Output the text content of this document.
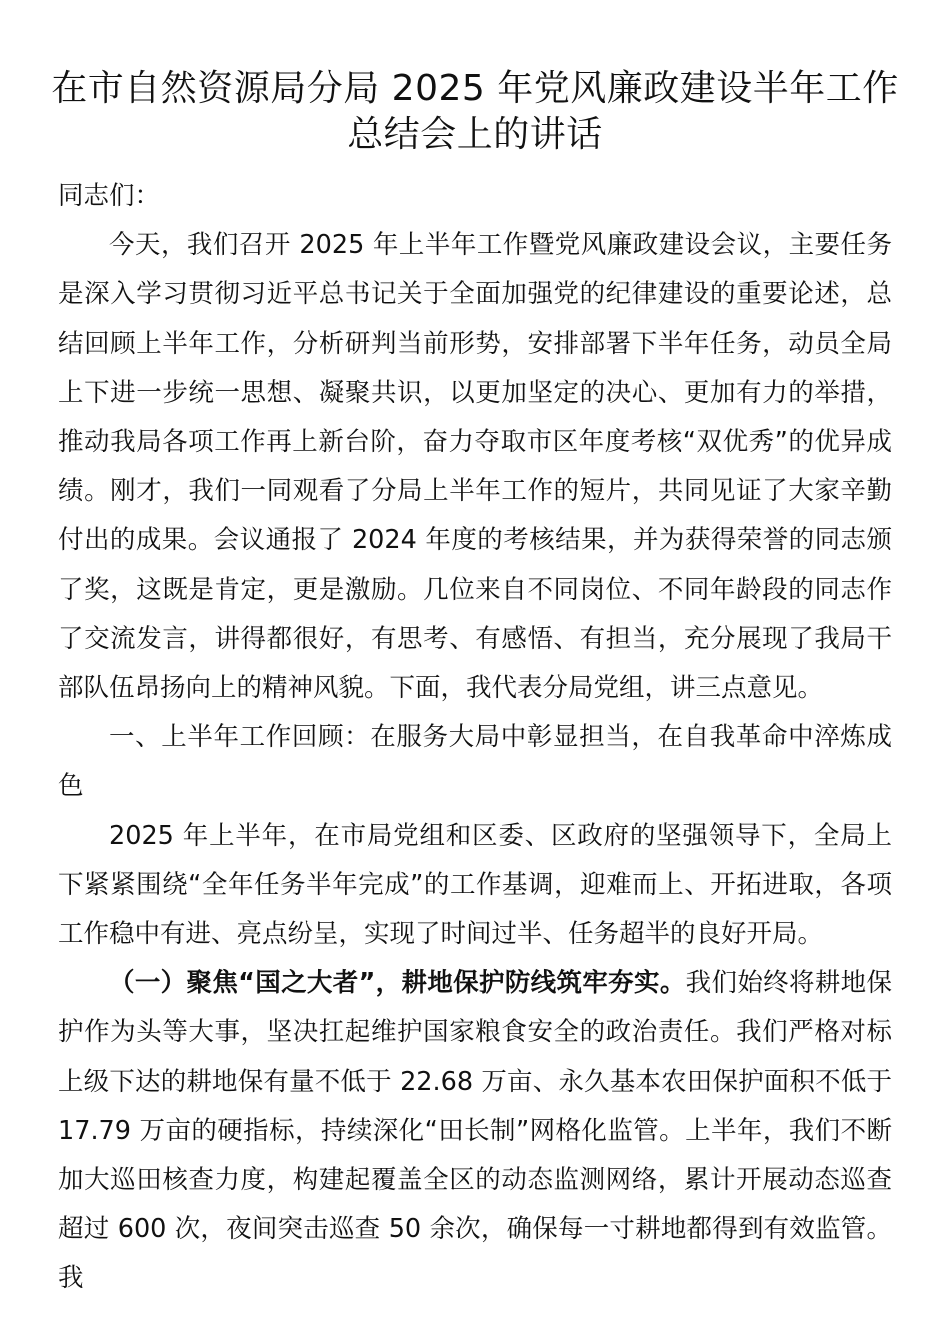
在市自然资源局分局 2025 年党风廉政建设半年工作总结会上的讲话

同志们：

今天，我们召开 2025 年上半年工作暨党风廉政建设会议，主要任务是深入学习贯彻习近平总书记关于全面加强党的纪律建设的重要论述，总结回顾上半年工作，分析研判当前形势，安排部署下半年任务，动员全局上下进一步统一思想、凝聚共识，以更加坚定的决心、更加有力的举措，推动我局各项工作再上新台阶，奋力夺取市区年度考核“双优秀”的优异成绩。刚才，我们一同观看了分局上半年工作的短片，共同见证了大家辛勤付出的成果。会议通报了 2024 年度的考核结果，并为获得荣誉的同志颁了奖，这既是肯定，更是激励。几位来自不同岗位、不同年龄段的同志作了交流发言，讲得都很好，有思考、有感悟、有担当，充分展现了我局干部队伍昂扬向上的精神风貌。下面，我代表分局党组，讲三点意见。

一、上半年工作回顾：在服务大局中彰显担当，在自我革命中淬炼成色

2025 年上半年，在市局党组和区委、区政府的坚强领导下，全局上下紧紧围绕“全年任务半年完成”的工作基调，迎难而上、开拓进取，各项工作稳中有进、亮点纷呈，实现了时间过半、任务超半的良好开局。

（一）聚焦“国之大者”，耕地保护防线筑牢夯实。我们始终将耕地保护作为头等大事，坚决扛起维护国家粮食安全的政治责任。我们严格对标上级下达的耕地保有量不低于 22.68 万亩、永久基本农田保护面积不低于 17.79 万亩的硬指标，持续深化“田长制”网格化监管。上半年，我们不断加大巡田核查力度，构建起覆盖全区的动态监测网络，累计开展动态巡查超过 600 次，夜间突击巡查 50 余次，确保每一寸耕地都得到有效监管。我
